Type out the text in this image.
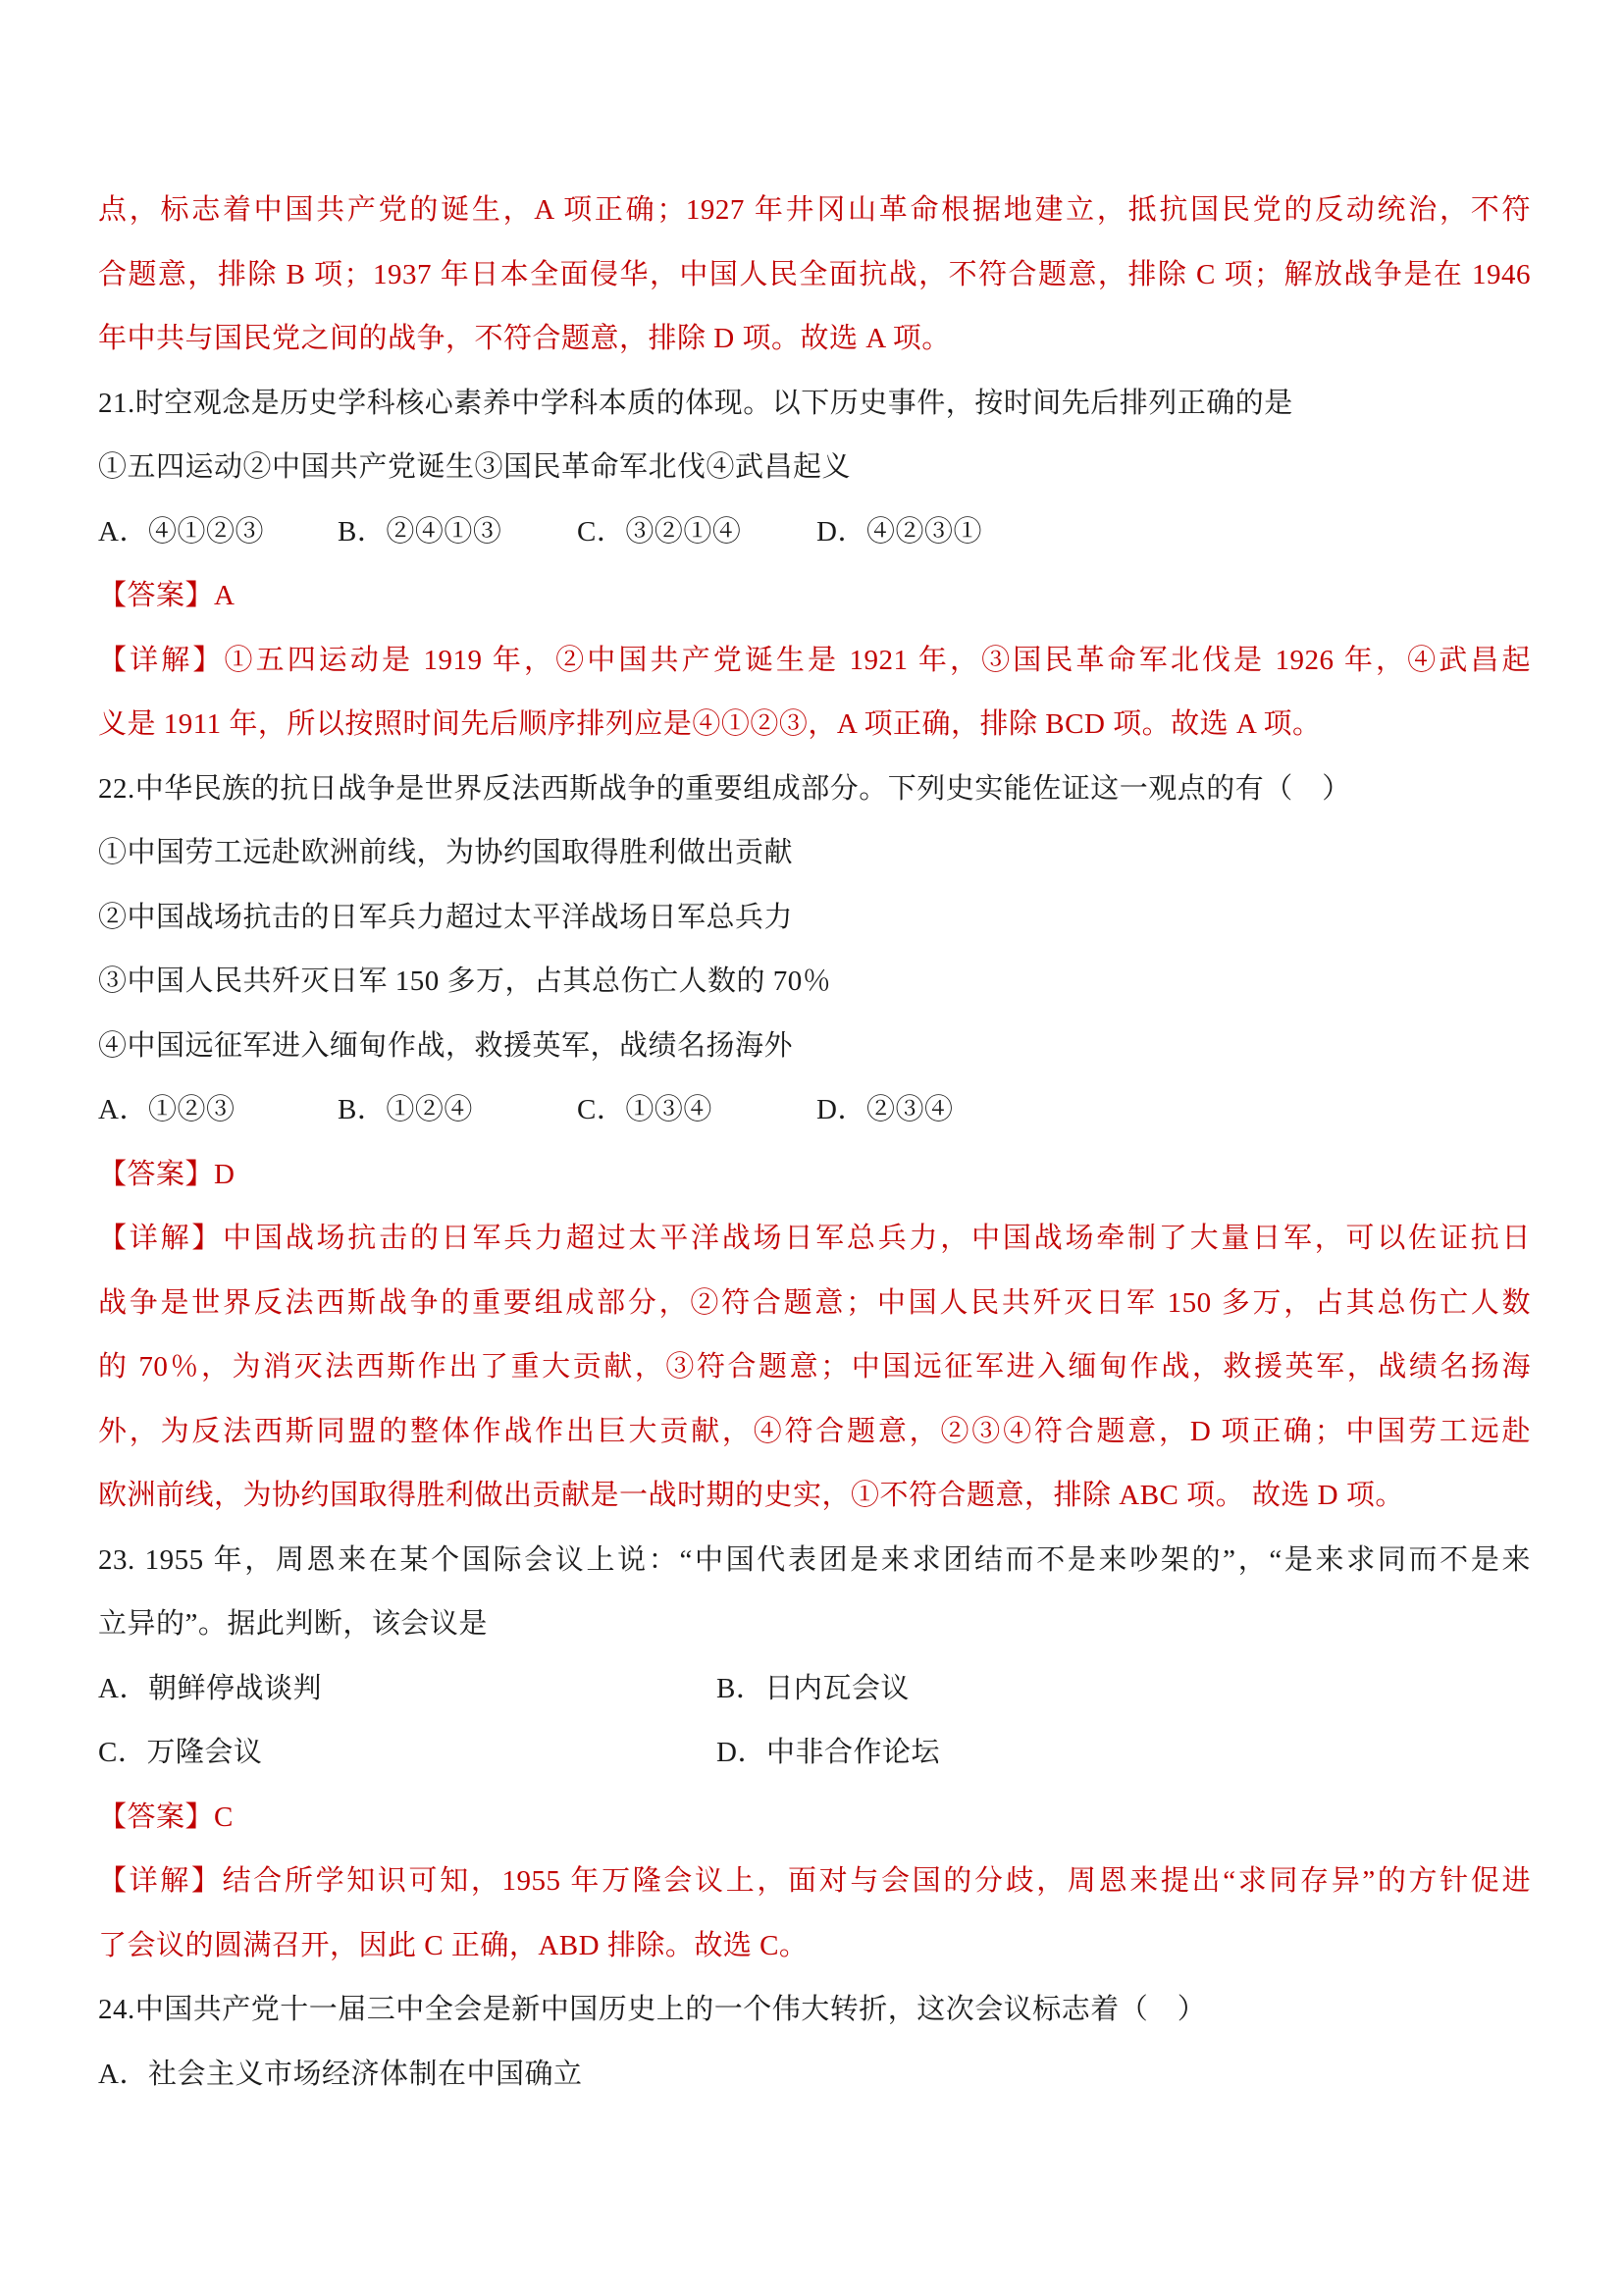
点，标志着中国共产党的诞生，A 项正确；1927 年井冈山革命根据地建立，抵抗国民党的反动统治，不符
合题意，排除 B 项；1937 年日本全面侵华，中国人民全面抗战，不符合题意，排除 C 项；解放战争是在 1946
年中共与国民党之间的战争，不符合题意，排除 D 项。故选 A 项。
21.时空观念是历史学科核心素养中学科本质的体现。以下历史事件，按时间先后排列正确的是
①五四运动②中国共产党诞生③国民革命军北伐④武昌起义
A．④①②③	B．②④①③	C．③②①④	D．④②③①
【答案】A
【详解】①五四运动是 1919 年，②中国共产党诞生是 1921 年，③国民革命军北伐是 1926 年，④武昌起
义是 1911 年，所以按照时间先后顺序排列应是④①②③，A 项正确，排除 BCD 项。故选 A 项。
22.中华民族的抗日战争是世界反法西斯战争的重要组成部分。下列史实能佐证这一观点的有（　）
①中国劳工远赴欧洲前线，为协约国取得胜利做出贡献
②中国战场抗击的日军兵力超过太平洋战场日军总兵力
③中国人民共歼灭日军 150 多万，占其总伤亡人数的 70％
④中国远征军进入缅甸作战，救援英军，战绩名扬海外
A．①②③	B．①②④	C．①③④	D．②③④
【答案】D
【详解】中国战场抗击的日军兵力超过太平洋战场日军总兵力，中国战场牵制了大量日军，可以佐证抗日
战争是世界反法西斯战争的重要组成部分，②符合题意；中国人民共歼灭日军 150 多万，占其总伤亡人数
的 70％，为消灭法西斯作出了重大贡献，③符合题意；中国远征军进入缅甸作战，救援英军，战绩名扬海
外，为反法西斯同盟的整体作战作出巨大贡献，④符合题意，②③④符合题意，D 项正确；中国劳工远赴
欧洲前线，为协约国取得胜利做出贡献是一战时期的史实，①不符合题意，排除 ABC 项。 故选 D 项。
23. 1955 年，周恩来在某个国际会议上说：“中国代表团是来求团结而不是来吵架的”，“是来求同而不是来
立异的”。据此判断，该会议是
A．朝鲜停战谈判	B．日内瓦会议
C．万隆会议	D．中非合作论坛
【答案】C
【详解】结合所学知识可知，1955 年万隆会议上，面对与会国的分歧，周恩来提出“求同存异”的方针促进
了会议的圆满召开，因此 C 正确，ABD 排除。故选 C。
24.中国共产党十一届三中全会是新中国历史上的一个伟大转折，这次会议标志着（　）
A．社会主义市场经济体制在中国确立
